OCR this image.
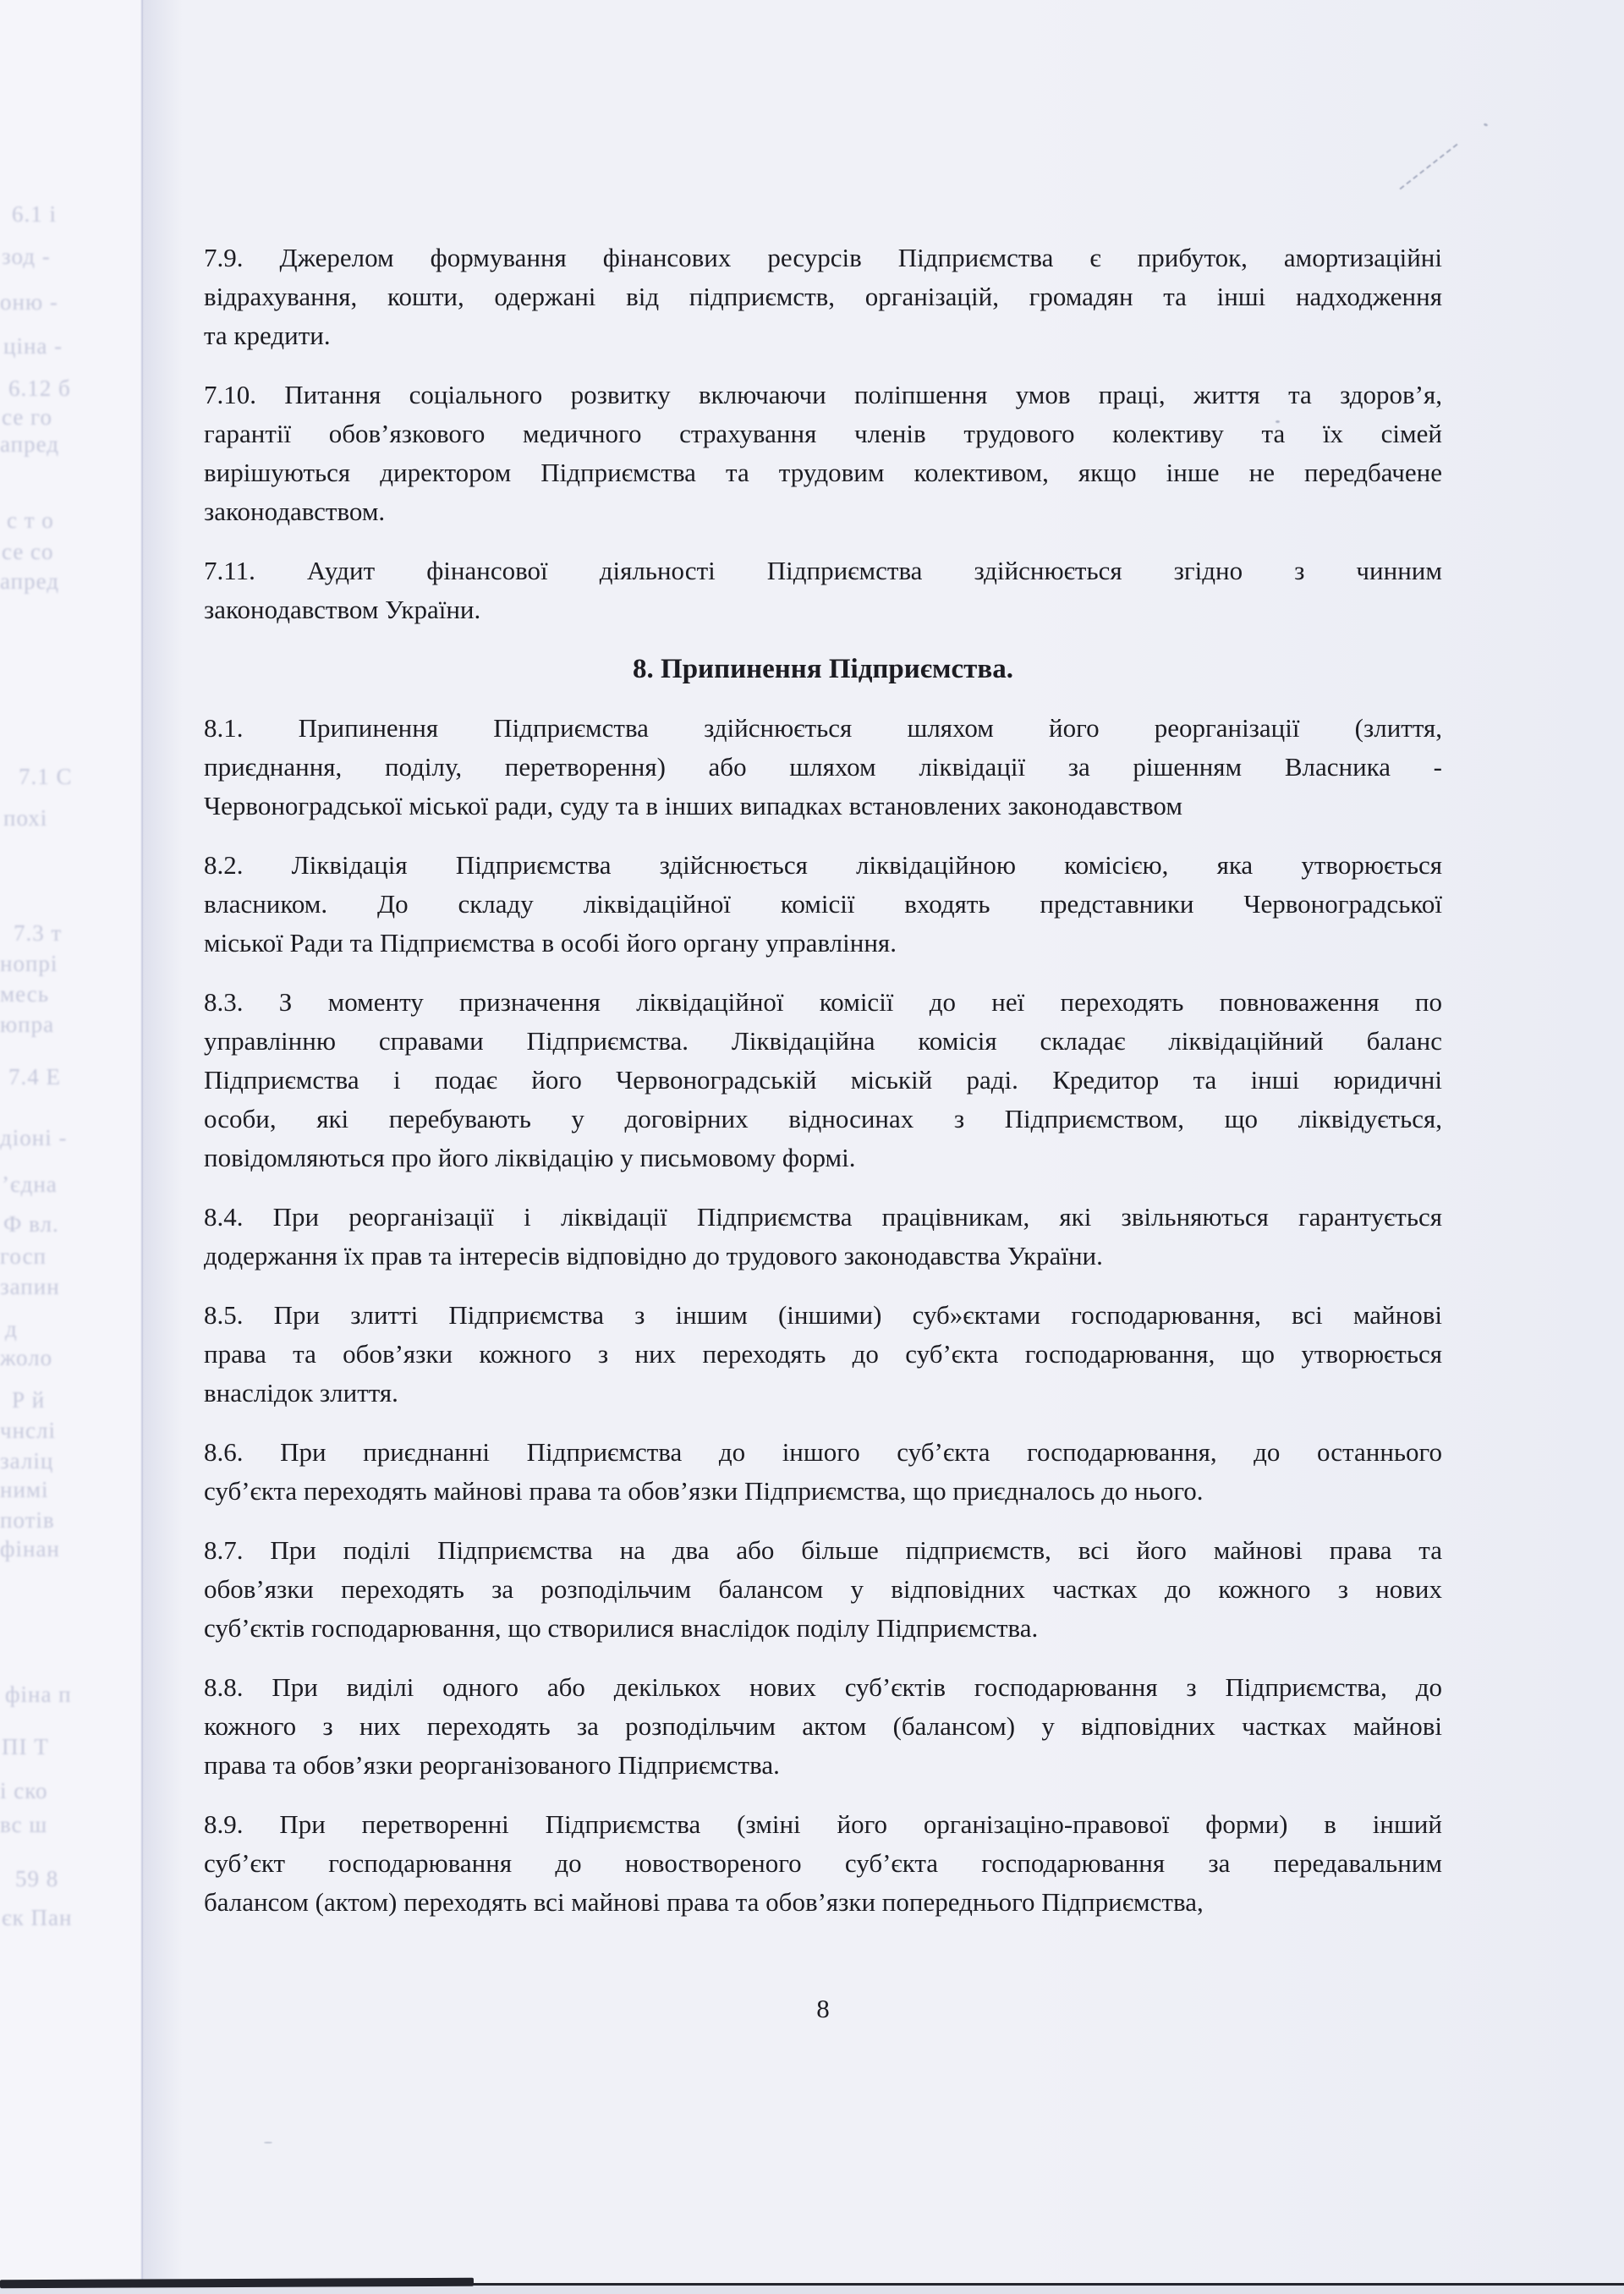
6.1 і
зод -
оню -
ціна -
6.12 б
се го
апред
с т о
се со
апред
7.1 С
похі
7.3 т
нопрі
месь
юпра
7.4 Е
діоні -
’єдна
Ф вл.
госп
запин
д
жоло
Р й
чнслі
заліц
нимі
потів
фінан
фіна п
ПІ Т
і ско
вс ш
59 8
єк Пан
7.9. Джерелом формування фінансових ресурсів Підприємства є прибуток, амортизаційні
відрахування, кошти, одержані від підприємств, організацій, громадян та інші надходження
та кредити.
7.10. Питання соціального розвитку включаючи поліпшення умов праці, життя та здоров’я,
гарантії обов’язкового медичного страхування членів трудового колективу та їх сімей
вирішуються директором Підприємства та трудовим колективом, якщо інше не передбачене
законодавством.
7.11. Аудит фінансової діяльності Підприємства здійснюється згідно з чинним
законодавством України.
8. Припинення Підприємства.
8.1. Припинення Підприємства здійснюється шляхом його реорганізації (злиття,
приєднання, поділу, перетворення) або шляхом ліквідації за рішенням Власника -
Червоноградської міської ради, суду та в інших випадках встановлених законодавством
8.2. Ліквідація Підприємства здійснюється ліквідаційною комісією, яка утворюється
власником. До складу ліквідаційної комісії входять представники Червоноградської
міської Ради та Підприємства в особі його органу управління.
8.3. З моменту призначення ліквідаційної комісії до неї переходять повноваження по
управлінню справами Підприємства. Ліквідаційна комісія складає ліквідаційний баланс
Підприємства і подає його Червоноградській міській раді. Кредитор та інші юридичні
особи, які перебувають у договірних відносинах з Підприємством, що ліквідується,
повідомляються про його ліквідацію у письмовому формі.
8.4. При реорганізації і ліквідації Підприємства працівникам, які звільняються гарантується
додержання їх прав та інтересів відповідно до трудового законодавства України.
8.5. При злитті Підприємства з іншим (іншими) суб»єктами господарювання, всі майнові
права та обов’язки кожного з них переходять до суб’єкта господарювання, що утворюється
внаслідок злиття.
8.6. При приєднанні Підприємства до іншого суб’єкта господарювання, до останнього
суб’єкта переходять майнові права та обов’язки Підприємства, що приєдналось до нього.
8.7. При поділі Підприємства на два або більше підприємств, всі його майнові права та
обов’язки переходять за розподільчим балансом у відповідних частках до кожного з нових
суб’єктів господарювання, що створилися внаслідок поділу Підприємства.
8.8. При виділі одного або декількох нових суб’єктів господарювання з Підприємства, до
кожного з них переходять за розподільчим актом (балансом) у відповідних частках майнові
права та обов’язки реорганізованого Підприємства.
8.9. При перетворенні Підприємства (зміні його організаціно-правової форми) в інший
суб’єкт господарювання до новоствореного суб’єкта господарювання за передавальним
балансом (актом) переходять всі майнові права та обов’язки попереднього Підприємства,
8
